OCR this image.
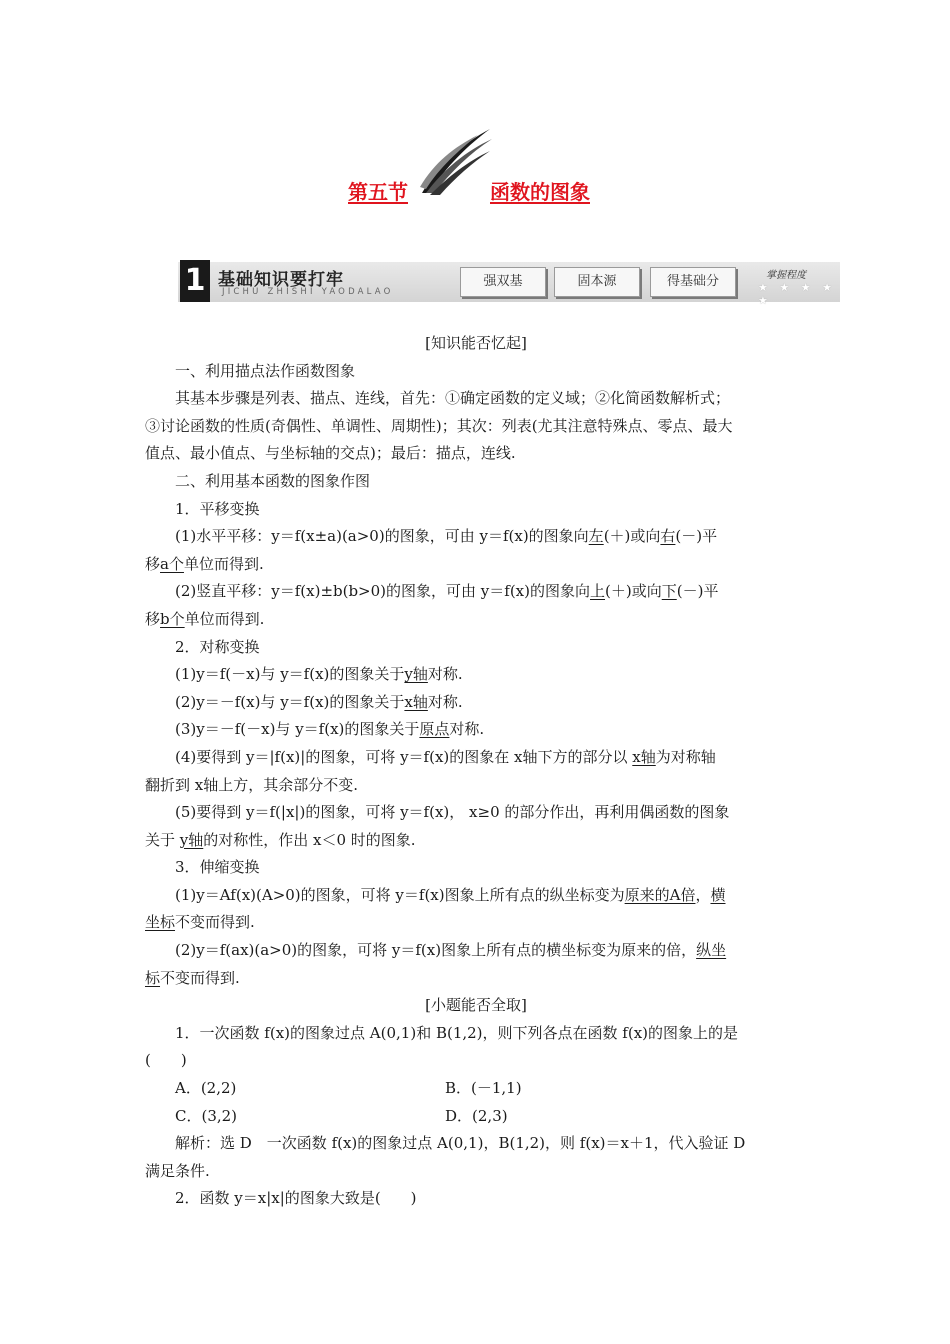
第五节	函数的图象
1 基础知识要打牢
JICHU ZHISHI YAODALAO
强双基	固本源	得基础分	掌握程度
★ ★ ★ ★ ★
[知识能否忆起]
一、利用描点法作函数图象
其基本步骤是列表、描点、连线，首先：①确定函数的定义域；②化简函数解析式；
③讨论函数的性质(奇偶性、单调性、周期性)；其次：列表(尤其注意特殊点、零点、最大
值点、最小值点、与坐标轴的交点)；最后：描点，连线.
二、利用基本函数的图象作图
1．平移变换
(1)水平平移：y＝f(x±a)(a>0)的图象，可由 y＝f(x)的图象向左(＋)或向右(－)平
移a个单位而得到.
(2)竖直平移：y＝f(x)±b(b>0)的图象，可由 y＝f(x)的图象向上(＋)或向下(－)平
移b个单位而得到.
2．对称变换
(1)y＝f(－x)与 y＝f(x)的图象关于y轴对称.
(2)y＝－f(x)与 y＝f(x)的图象关于x轴对称.
(3)y＝－f(－x)与 y＝f(x)的图象关于原点对称.
(4)要得到 y＝|f(x)|的图象，可将 y＝f(x)的图象在 x轴下方的部分以 x轴为对称轴
翻折到 x轴上方，其余部分不变.
(5)要得到 y＝f(|x|)的图象，可将 y＝f(x)， x≥0 的部分作出，再利用偶函数的图象
关于 y轴的对称性，作出 x＜0 时的图象.
3．伸缩变换
(1)y＝Af(x)(A>0)的图象，可将 y＝f(x)图象上所有点的纵坐标变为原来的A倍，横
坐标不变而得到.
(2)y＝f(ax)(a>0)的图象，可将 y＝f(x)图象上所有点的横坐标变为原来的倍，纵坐
标不变而得到.
[小题能否全取]
1．一次函数 f(x)的图象过点 A(0,1)和 B(1,2)，则下列各点在函数 f(x)的图象上的是
(　　)
A．(2,2)	B．(－1,1)
C．(3,2)	D．(2,3)
解析：选 D　一次函数 f(x)的图象过点 A(0,1)，B(1,2)，则 f(x)＝x＋1，代入验证 D
满足条件.
2．函数 y＝x|x|的图象大致是(　　)
